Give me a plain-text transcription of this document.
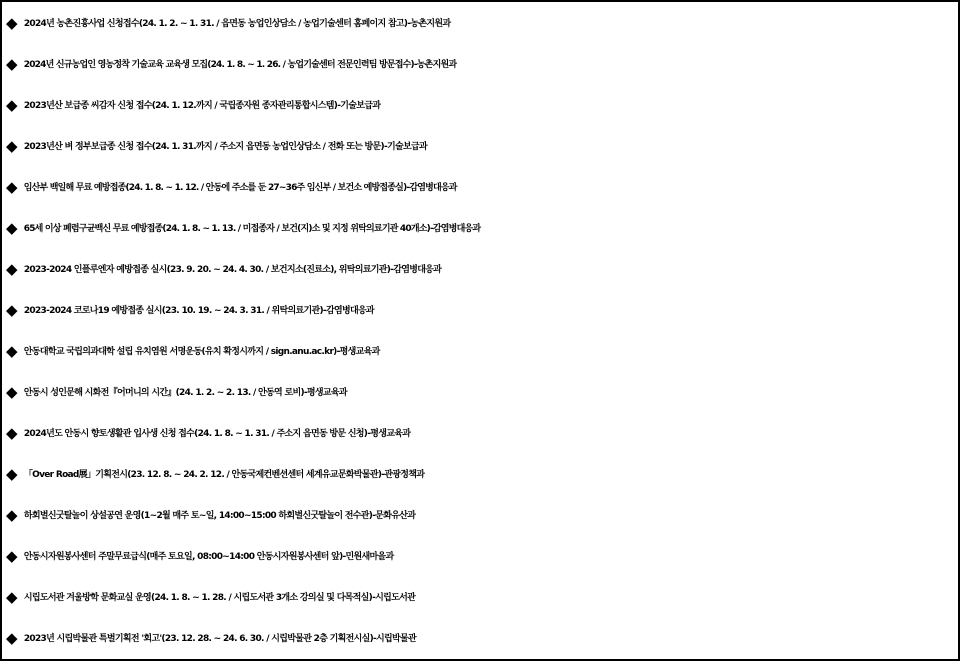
◆ 2024년 농촌진흥사업 신청접수(24. 1. 2. ~ 1. 31. / 읍면동 농업인상담소 / 농업기술센터 홈페이지 참고)-농촌지원과
◆ 2024년 신규농업인 영농정착 기술교육 교육생 모집(24. 1. 8. ~ 1. 26. / 농업기술센터 전문인력팀 방문접수)-농촌지원과
◆ 2023년산 보급종 씨감자 신청 접수(24. 1. 12.까지 / 국립종자원 종자관리통합시스템)-기술보급과
◆ 2023년산 벼 정부보급종 신청 접수(24. 1. 31.까지 / 주소지 읍면동 농업인상담소 / 전화 또는 방문)-기술보급과
◆ 임산부 백일해 무료 예방접종(24. 1. 8. ~ 1. 12. / 안동에 주소를 둔 27~36주 임신부 / 보건소 예방접종실)-감염병대응과
◆ 65세 이상 폐렴구균백신 무료 예방접종(24. 1. 8. ~ 1. 13. / 미접종자 / 보건(지)소 및 지정 위탁의료기관 40개소)-감염병대응과
◆ 2023-2024 인플루엔자 예방접종 실시(23. 9. 20. ~ 24. 4. 30. / 보건지소(진료소), 위탁의료기관)-감염병대응과
◆ 2023-2024 코로나19 예방접종 실시(23. 10. 19. ~ 24. 3. 31. / 위탁의료기관)-감염병대응과
◆ 안동대학교 국립의과대학 설립 유치염원 서명운동(유치 확정시까지 / sign.anu.ac.kr)-평생교육과
◆ 안동시 성인문해 시화전『어머니의 시간』(24. 1. 2. ~ 2. 13. / 안동역 로비)-평생교육과
◆ 2024년도 안동시 향토생활관 입사생 신청 접수(24. 1. 8. ~ 1. 31. / 주소지 읍면동 방문 신청)-평생교육과
◆ 「Over Road展」기획전시(23. 12. 8. ~ 24. 2. 12. / 안동국제컨벤션센터 세계유교문화박물관)-관광정책과
◆ 하회별신굿탈놀이 상설공연 운영(1~2월 매주 토~일, 14:00~15:00 하회별신굿탈놀이 전수관)-문화유산과
◆ 안동시자원봉사센터 주말무료급식(매주 토요일, 08:00~14:00 안동시자원봉사센터 앞)-민원새마을과
◆ 시립도서관 겨울방학 문화교실 운영(24. 1. 8. ~ 1. 28. / 시립도서관 3개소 강의실 및 다목적실)-시립도서관
◆ 2023년 시립박물관 특별기획전 '회고'(23. 12. 28. ~ 24. 6. 30. / 시립박물관 2층 기획전시실)-시립박물관
